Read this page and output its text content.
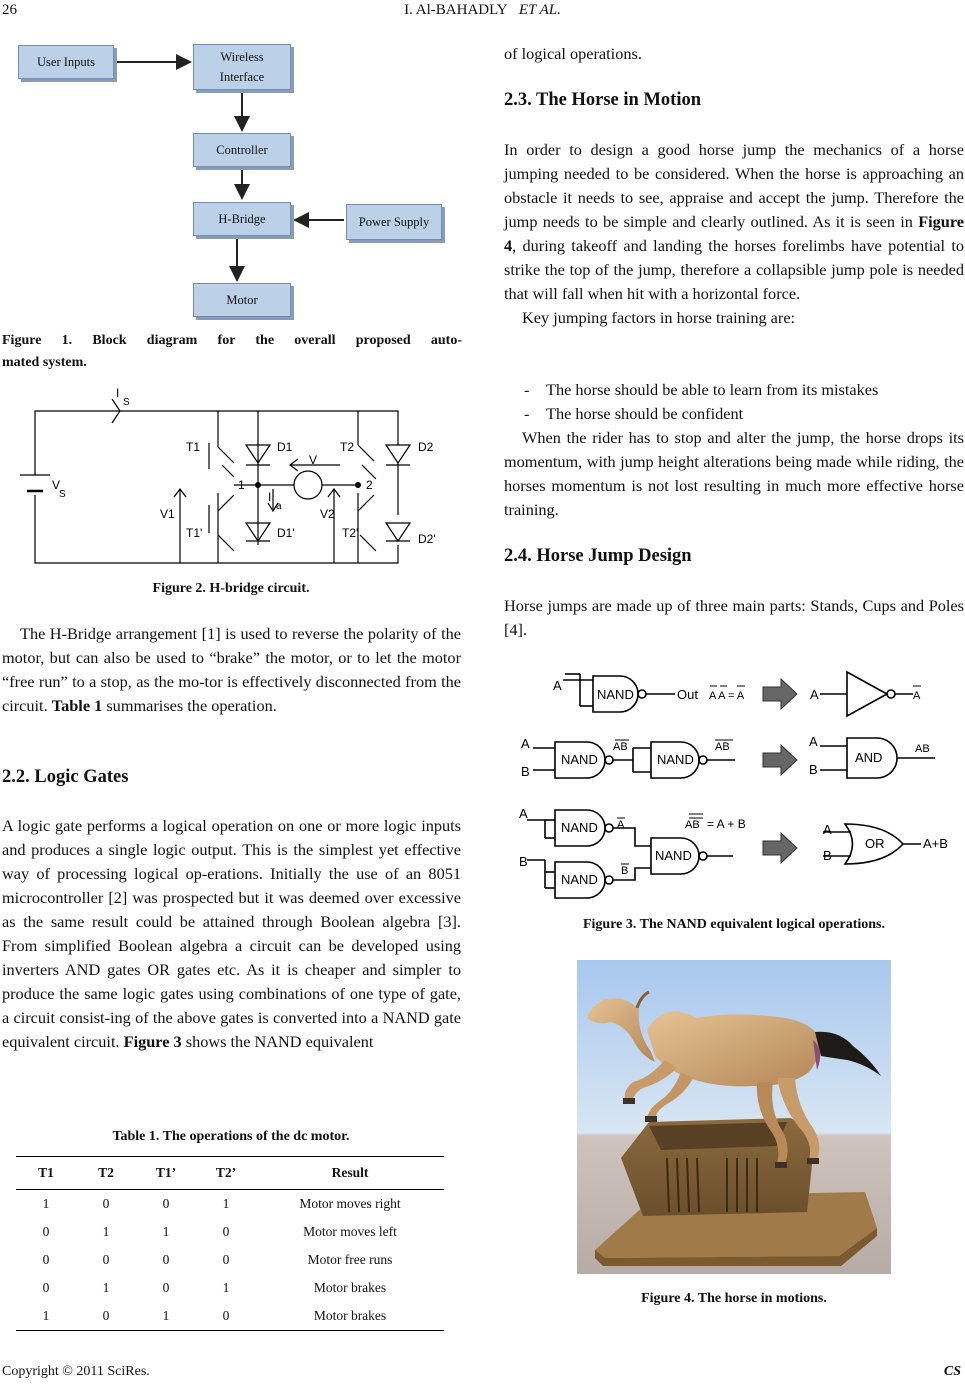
26	I. Al-BAHADLY ET AL.
User Inputs	Wireless
Interface
Controller
H-Bridge	Power Supply
Motor
Figure 1. Block diagram for the overall proposed auto-
mated system.
I
S
V
S
T1	D1	T2	D2
V
1	2
I
a
V1	V2
T1'	D1'	T2'	D2'
Figure 2. H-bridge circuit.

The H-Bridge arrangement [1] is used to reverse the polarity of the motor, but can also be used to “brake” the motor, or to let the motor “free run” to a stop, as the mo-tor is effectively disconnected from the circuit. Table 1 summarises the operation.

2.2. Logic Gates

A logic gate performs a logical operation on one or more logic inputs and produces a single logic output. This is the simplest yet effective way of processing logical op-erations. Initially the use of an 8051 microcontroller [2] was prospected but it was deemed over excessive as the same result could be attained through Boolean algebra [3]. From simplified Boolean algebra a circuit can be developed using inverters AND gates OR gates etc. As it is cheaper and simpler to produce the same logic gates using combinations of one type of gate, a circuit consist-ing of the above gates is converted into a NAND gate equivalent circuit. Figure 3 shows the NAND equivalent

Table 1. The operations of the dc motor.
T1	T2	T1’	T2’	Result
1	0	0	1	Motor moves right
0	1	1	0	Motor moves left
0	0	0	0	Motor free runs
0	1	0	1	Motor brakes
1	0	1	0	Motor brakes
of logical operations.
2.3. The Horse in Motion

In order to design a good horse jump the mechanics of a horse jumping needed to be considered. When the horse is approaching an obstacle it needs to see, appraise and accept the jump. Therefore the jump needs to be simple and clearly outlined. As it is seen in Figure 4, during takeoff and landing the horses forelimbs have potential to strike the top of the jump, therefore a collapsible jump pole is needed that will fall when hit with a horizontal force.

Key jumping factors in horse training are:

- The horse should be able to learn from its mistakes
- The horse should be confident

When the rider has to stop and alter the jump, the horse drops its momentum, with jump height alterations being made while riding, the horses momentum is not lost resulting in much more effective horse training.

2.4. Horse Jump Design

Horse jumps are made up of three main parts: Stands, Cups and Poles [4].

A
NAND	Out A A = A	A	A
A
B
NAND
AB
NAND
AB	A
B
AND
AB
A
NAND A	AB = A + B
NAND
B
NAND
B
A
B
OR	A+B
Figure 3. The NAND equivalent logical operations.
Figure 4. The horse in motions.
Copyright © 2011 SciRes.	CS
